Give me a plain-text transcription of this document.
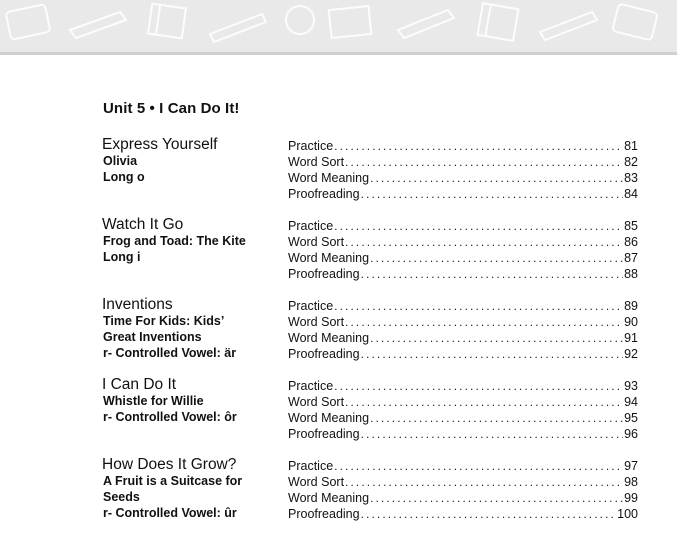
Unit 5 • I Can Do It!
Express Yourself
Olivia
Long o
Practice .....	81
Word Sort .....	82
Word Meaning .....	83
Proofreading .....	84
Watch It Go
Frog and Toad: The Kite
Long i
Practice .....	85
Word Sort .....	86
Word Meaning .....	87
Proofreading .....	88
Inventions
Time For Kids: Kids’
Great Inventions
r- Controlled Vowel: är
Practice .....	89
Word Sort .....	90
Word Meaning .....	91
Proofreading .....	92
I Can Do It
Whistle for Willie
r- Controlled Vowel: ôr
Practice .....	93
Word Sort .....	94
Word Meaning .....	95
Proofreading .....	96
How Does It Grow?
A Fruit is a Suitcase for
Seeds
r- Controlled Vowel: ûr
Practice .....	97
Word Sort .....	98
Word Meaning .....	99
Proofreading .....	100
